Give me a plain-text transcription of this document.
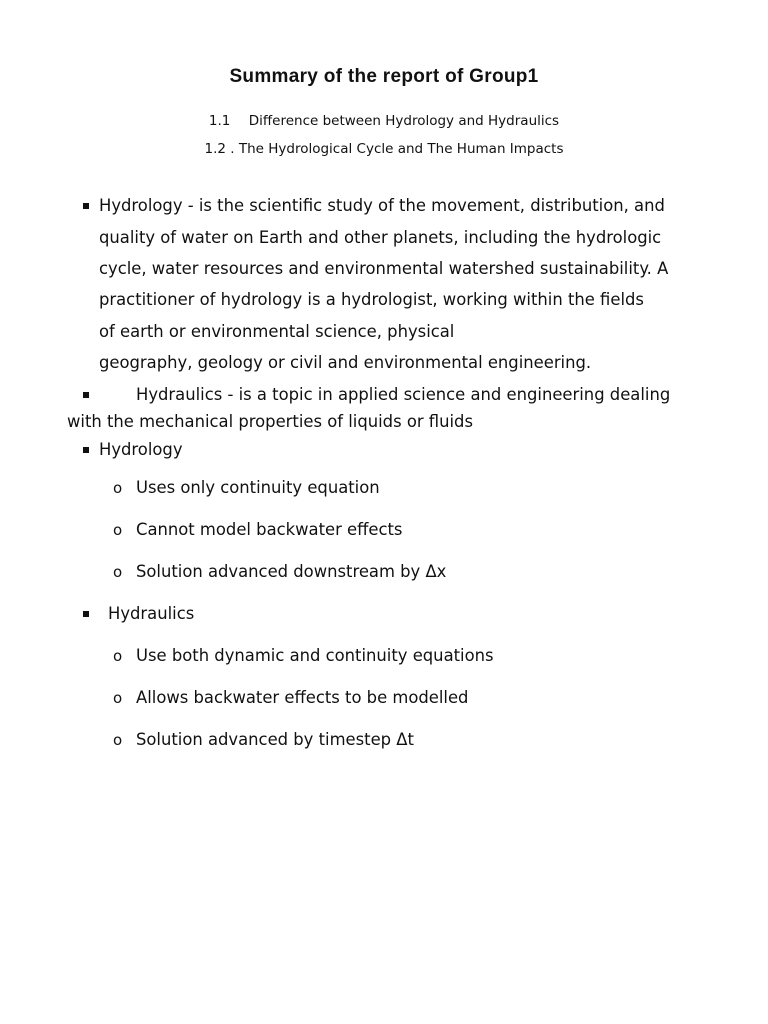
Summary of the report of Group1
1.1 Difference between Hydrology and Hydraulics
1.2 . The Hydrological Cycle and The Human Impacts
Hydrology - is the scientific study of the movement, distribution, and
quality of water on Earth and other planets, including the hydrologic
cycle, water resources and environmental watershed sustainability. A
practitioner of hydrology is a hydrologist, working within the fields
of earth or environmental science, physical
geography, geology or civil and environmental engineering.
Hydraulics - is a topic in applied science and engineering dealing
with the mechanical properties of liquids or fluids
Hydrology
o Uses only continuity equation
o Cannot model backwater effects
o Solution advanced downstream by Δx
Hydraulics
o Use both dynamic and continuity equations
o Allows backwater effects to be modelled
o Solution advanced by timestep Δt
